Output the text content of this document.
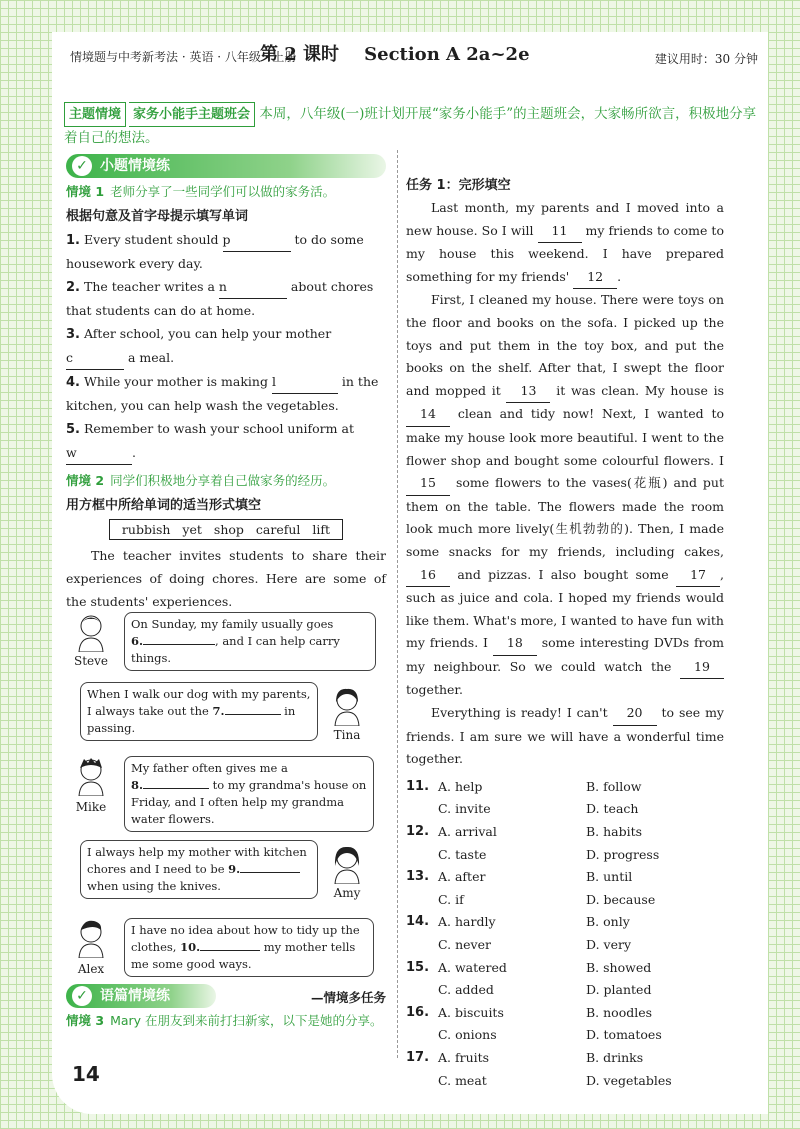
情境题与中考新考法 · 英语 · 八年级 · 上册
第 2 课时    Section A 2a~2e	建议用时：30 分钟
主题情境 家务小能手主题班会 本周，八年级(一)班计划开展“家务小能手”的主题班会，大家畅所欲言，积极地分享着自己的想法。
小题情境练
✓
情境 1 老师分享了一些同学们可以做的家务活。
根据句意及首字母提示填写单词
1. Every student should p	to do some housework every day.
2. The teacher writes a n	about chores that students can do at home.
3. After school, you can help your mother c	a meal.
4. While your mother is making l	in the kitchen, you can help wash the vegetables.
5. Remember to wash your school uniform at w	.
情境 2 同学们积极地分享着自己做家务的经历。
用方框中所给单词的适当形式填空
rubbish yet shop careful lift
The teacher invites students to share their experiences of doing chores. Here are some of the students' experiences.
Steve
On Sunday, my family usually goes
6.	, and I can help carry things.
When I walk our dog with my parents, I always take out the 7.	in passing.	Tina
Mike
My father often gives me a
8.	to my grandma's house on Friday, and I often help my grandma water flowers.
I always help my mother with kitchen chores and I need to be 9. when using the knives.	Amy
Alex
I have no idea about how to tidy up the clothes, 10.	my mother tells me some good ways.
语篇情境练
✓	—情境多任务
情境 3 Mary 在朋友到来前打扫新家，以下是她的分享。
任务 1：完形填空

Last month, my parents and I moved into a new house. So I will 11 my friends to come to my house this weekend. I have prepared something for my friends' 12 .

First, I cleaned my house. There were toys on the floor and books on the sofa. I picked up the toys and put them in the toy box, and put the books on the shelf. After that, I swept the floor and mopped it 13 it was clean. My house is 14 clean and tidy now! Next, I wanted to make my house look more beautiful. I went to the flower shop and bought some colourful flowers. I 15 some flowers to the vases(花瓶) and put them on the table. The flowers made the room look much more lively(生机勃勃的). Then, I made some snacks for my friends, including cakes, 16 and pizzas. I also bought some 17 , such as juice and cola. I hoped my friends would like them. What's more, I wanted to have fun with my friends. I 18 some interesting DVDs from my neighbour. So we could watch the 19 together.

Everything is ready! I can't 20 to see my friends. I am sure we will have a wonderful time together.

11. A. help	B. follow
C. invite	D. teach
12. A. arrival	B. habits
C. taste	D. progress
13. A. after	B. until
C. if	D. because
14. A. hardly	B. only
C. never	D. very
15. A. watered	B. showed
C. added	D. planted
16. A. biscuits	B. noodles
C. onions	D. tomatoes
17. A. fruits	B. drinks
C. meat	D. vegetables
14
